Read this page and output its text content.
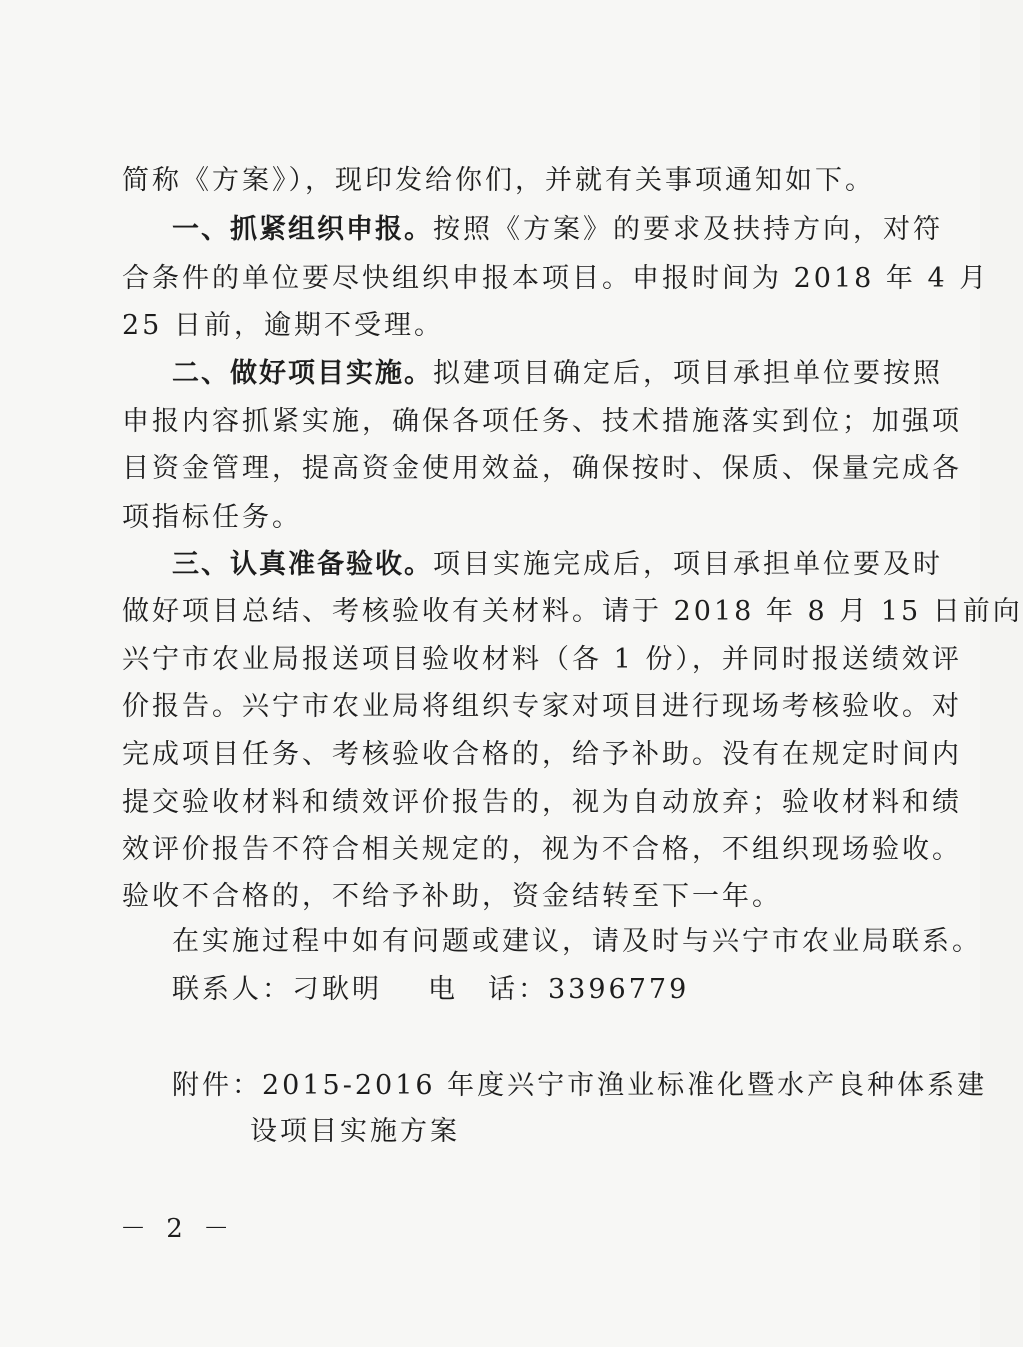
简称《方案》），现印发给你们，并就有关事项通知如下。
一、抓紧组织申报。按照《方案》的要求及扶持方向，对符
合条件的单位要尽快组织申报本项目。申报时间为 2018 年 4 月
25 日前，逾期不受理。
二、做好项目实施。拟建项目确定后，项目承担单位要按照
申报内容抓紧实施，确保各项任务、技术措施落实到位；加强项
目资金管理，提高资金使用效益，确保按时、保质、保量完成各
项指标任务。
三、认真准备验收。项目实施完成后，项目承担单位要及时
做好项目总结、考核验收有关材料。请于 2018 年 8 月 15 日前向
兴宁市农业局报送项目验收材料（各 1 份），并同时报送绩效评
价报告。兴宁市农业局将组织专家对项目进行现场考核验收。对
完成项目任务、考核验收合格的，给予补助。没有在规定时间内
提交验收材料和绩效评价报告的，视为自动放弃；验收材料和绩
效评价报告不符合相关规定的，视为不合格，不组织现场验收。
验收不合格的，不给予补助，资金结转至下一年。
在实施过程中如有问题或建议，请及时与兴宁市农业局联系。
联系人：刁耿明 电　话：3396779
附件：2015-2016 年度兴宁市渔业标准化暨水产良种体系建
设项目实施方案
－ 2 －
